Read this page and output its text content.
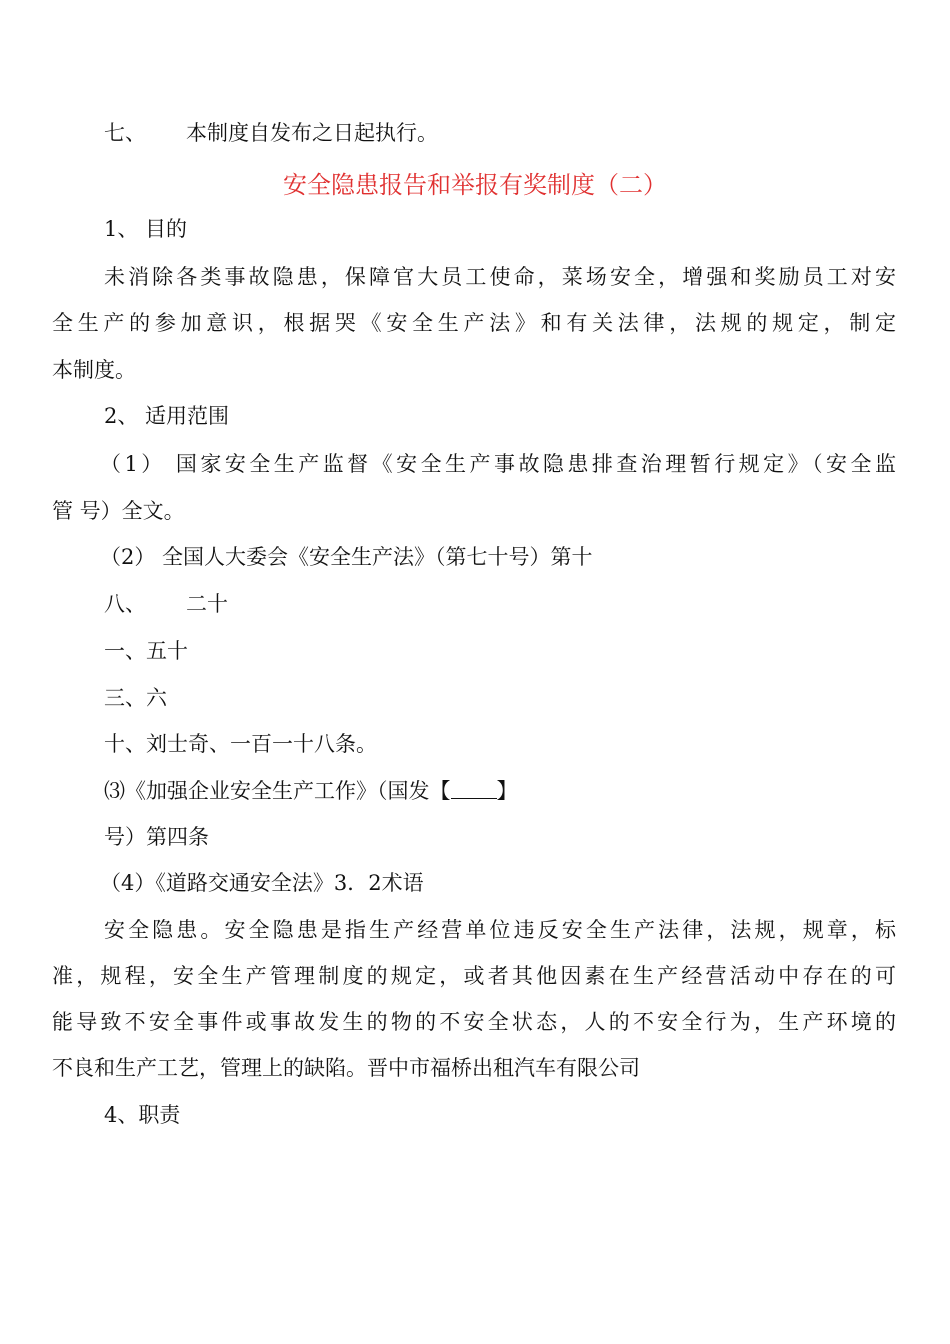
七、 本制度自发布之日起执行。
安全隐患报告和举报有奖制度（二）
1、 目的
未消除各类事故隐患，保障官大员工使命，菜场安全，增强和奖励员工对安
全生产的参加意识，根据哭《安全生产法》和有关法律，法规的规定，制定
本制度。
2、 适用范围
（1） 国家安全生产监督《安全生产事故隐患排查治理暂行规定》（安全监
管 号）全文。
（2） 全国人大委会《安全生产法》（第七十号）第十
八、 二十
一、五十
三、六
十、刘士奇、一百一十八条。
⑶《加强企业安全生产工作》（国发【 】
号）第四条
（4）《道路交通安全法》3．2术语
安全隐患。安全隐患是指生产经营单位违反安全生产法律，法规，规章，标
准，规程，安全生产管理制度的规定，或者其他因素在生产经营活动中存在的可
能导致不安全事件或事故发生的物的不安全状态，人的不安全行为，生产环境的
不良和生产工艺，管理上的缺陷。晋中市福桥出租汽车有限公司
4、职责
